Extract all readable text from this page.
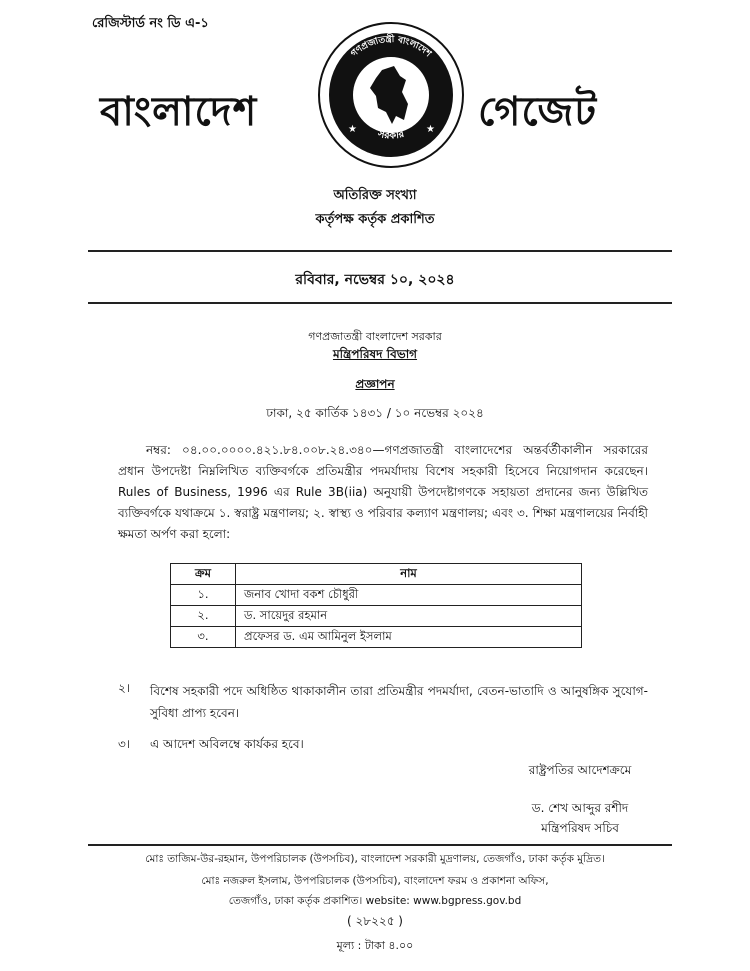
রেজিস্টার্ড নং ডি এ-১
বাংলাদেশ
গণপ্রজাতন্ত্রী বাংলাদেশ
সরকার
★	★ গেজেট
অতিরিক্ত সংখ্যা
কর্তৃপক্ষ কর্তৃক প্রকাশিত
রবিবার, নভেম্বর ১০, ২০২৪
গণপ্রজাতন্ত্রী বাংলাদেশ সরকার
মন্ত্রিপরিষদ বিভাগ
প্রজ্ঞাপন
ঢাকা, ২৫ কার্তিক ১৪৩১ / ১০ নভেম্বর ২০২৪
নম্বর: ০৪.০০.০০০০.৪২১.৮৪.০০৮.২৪.৩৪০—গণপ্রজাতন্ত্রী বাংলাদেশের অন্তর্বর্তীকালীন সরকারের প্রধান উপদেষ্টা নিম্নলিখিত ব্যক্তিবর্গকে প্রতিমন্ত্রীর পদমর্যাদায় বিশেষ সহকারী হিসেবে নিয়োগদান করেছেন। Rules of Business, 1996 এর Rule 3B(iia) অনুযায়ী উপদেষ্টাগণকে সহায়তা প্রদানের জন্য উল্লিখিত ব্যক্তিবর্গকে যথাক্রমে ১. স্বরাষ্ট্র মন্ত্রণালয়; ২. স্বাস্থ্য ও পরিবার কল্যাণ মন্ত্রণালয়; এবং ৩. শিক্ষা মন্ত্রণালয়ের নির্বাহী ক্ষমতা অর্পণ করা হলো:
ক্রম	নাম
১.	জনাব খোদা বকশ চৌধুরী
২.	ড. সায়েদুর রহমান
৩.	প্রফেসর ড. এম আমিনুল ইসলাম
২। বিশেষ সহকারী পদে অধিষ্ঠিত থাকাকালীন তারা প্রতিমন্ত্রীর পদমর্যাদা, বেতন-ভাতাদি ও আনুষঙ্গিক সুযোগ-সুবিধা প্রাপ্য হবেন।
৩। এ আদেশ অবিলম্বে কার্যকর হবে।
রাষ্ট্রপতির আদেশক্রমে
ড. শেখ আব্দুর রশীদ
মন্ত্রিপরিষদ সচিব
মোঃ তাজিম-উর-রহমান, উপপরিচালক (উপসচিব), বাংলাদেশ সরকারী মুদ্রণালয়, তেজগাঁও, ঢাকা কর্তৃক মুদ্রিত।
মোঃ নজরুল ইসলাম, উপপরিচালক (উপসচিব), বাংলাদেশ ফরম ও প্রকাশনা অফিস,
তেজগাঁও, ঢাকা কর্তৃক প্রকাশিত। website: www.bgpress.gov.bd
( ২৮২২৫ )
মূল্য : টাকা ৪.০০
